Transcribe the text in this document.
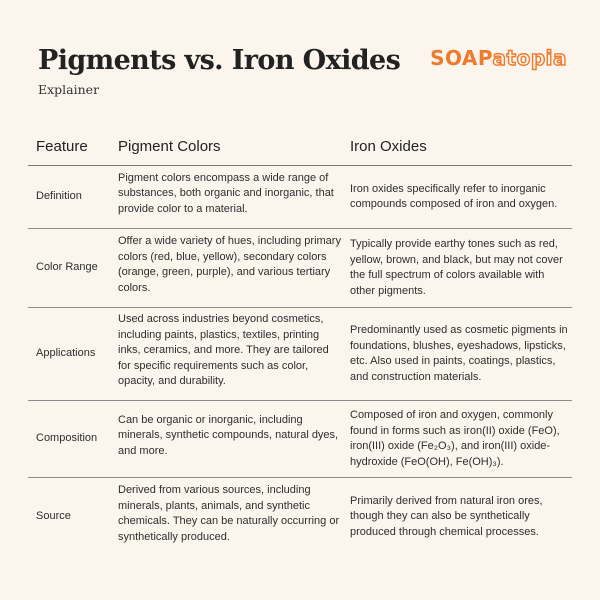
Pigments vs. Iron Oxides
Explainer
SOAPatopia
Feature	Pigment Colors	Iron Oxides
Definition	Pigment colors encompass a wide range of substances, both organic and inorganic, that provide color to a material.	Iron oxides specifically refer to inorganic compounds composed of iron and oxygen.
Color Range	Offer a wide variety of hues, including primary colors (red, blue, yellow), secondary colors (orange, green, purple), and various tertiary colors.	Typically provide earthy tones such as red, yellow, brown, and black, but may not cover the full spectrum of colors available with other pigments.
Applications	Used across industries beyond cosmetics, including paints, plastics, textiles, printing inks, ceramics, and more. They are tailored for specific requirements such as color, opacity, and durability.	Predominantly used as cosmetic pigments in foundations, blushes, eyeshadows, lipsticks, etc. Also used in paints, coatings, plastics, and construction materials.
Composition	Can be organic or inorganic, including minerals, synthetic compounds, natural dyes, and more.	Composed of iron and oxygen, commonly found in forms such as iron(II) oxide (FeO), iron(III) oxide (Fe₂O₃), and iron(III) oxide-hydroxide (FeO(OH), Fe(OH)₃).
Source	Derived from various sources, including minerals, plants, animals, and synthetic chemicals. They can be naturally occurring or synthetically produced.	Primarily derived from natural iron ores, though they can also be synthetically produced through chemical processes.
